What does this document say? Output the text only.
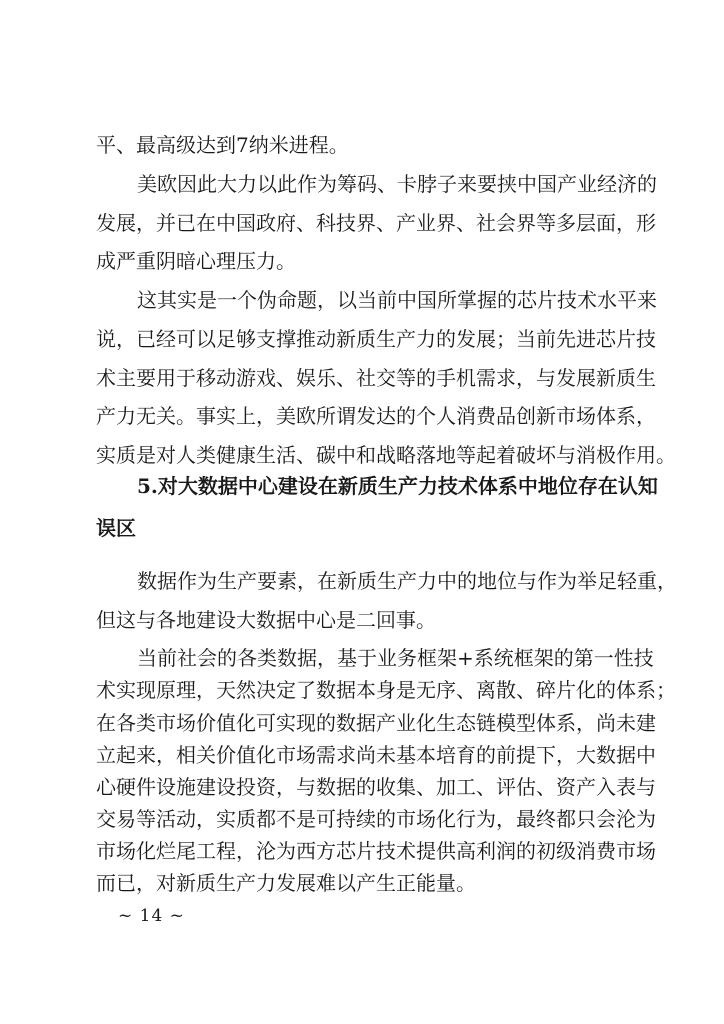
平、最高级达到7纳米进程。
美欧因此大力以此作为筹码、卡脖子来要挟中国产业经济的
发展，并已在中国政府、科技界、产业界、社会界等多层面，形
成严重阴暗心理压力。
这其实是一个伪命题，以当前中国所掌握的芯片技术水平来
说，已经可以足够支撑推动新质生产力的发展；当前先进芯片技
术主要用于移动游戏、娱乐、社交等的手机需求，与发展新质生
产力无关。事实上，美欧所谓发达的个人消费品创新市场体系，
实质是对人类健康生活、碳中和战略落地等起着破坏与消极作用。
5.对大数据中心建设在新质生产力技术体系中地位存在认知
误区
数据作为生产要素，在新质生产力中的地位与作为举足轻重，
但这与各地建设大数据中心是二回事。
当前社会的各类数据，基于业务框架+系统框架的第一性技
术实现原理，天然决定了数据本身是无序、离散、碎片化的体系；
在各类市场价值化可实现的数据产业化生态链模型体系，尚未建
立起来，相关价值化市场需求尚未基本培育的前提下，大数据中
心硬件设施建设投资，与数据的收集、加工、评估、资产入表与
交易等活动，实质都不是可持续的市场化行为，最终都只会沦为
市场化烂尾工程，沦为西方芯片技术提供高利润的初级消费市场
~ 14 ~
而已，对新质生产力发展难以产生正能量。
